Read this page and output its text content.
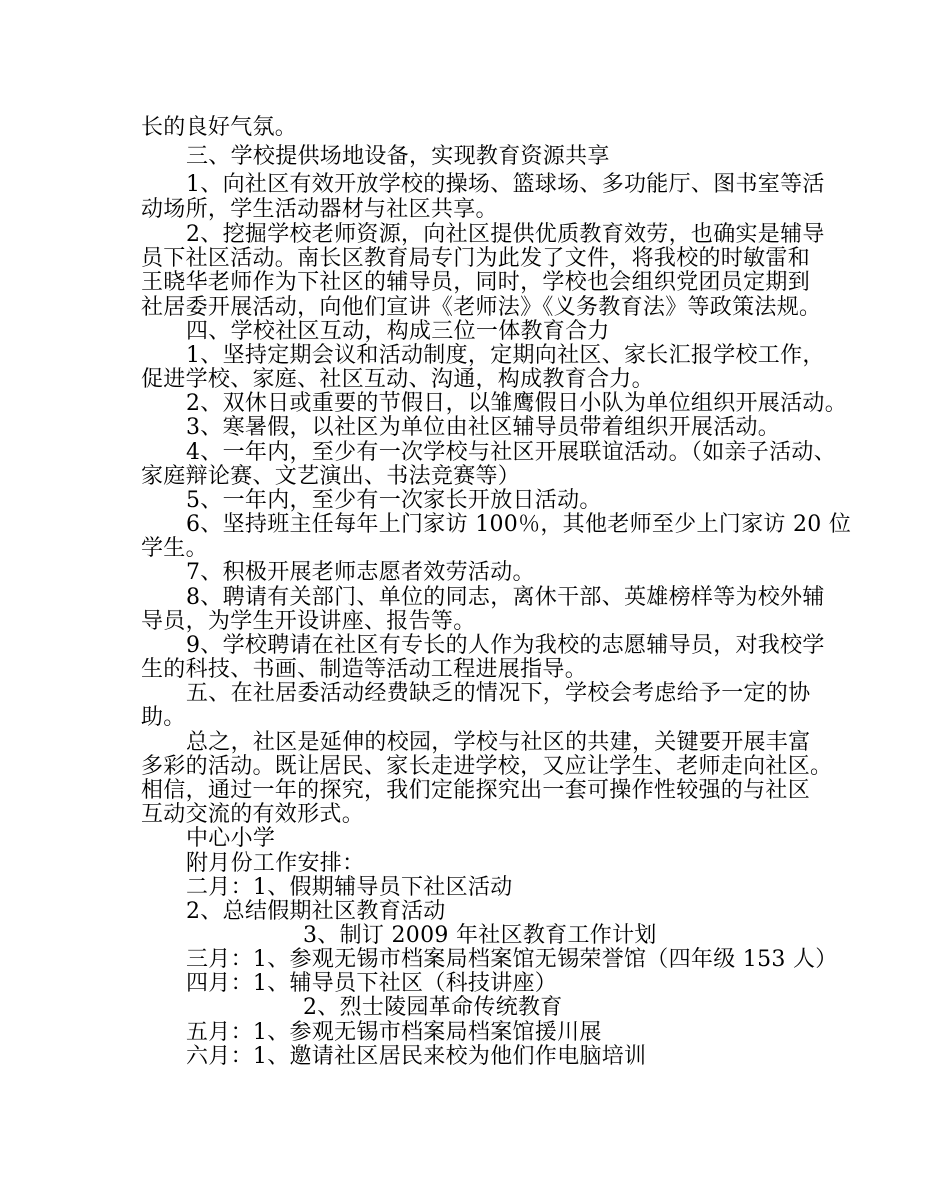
长的良好气氛。
三、学校提供场地设备，实现教育资源共享
1、向社区有效开放学校的操场、篮球场、多功能厅、图书室等活
动场所，学生活动器材与社区共享。
2、挖掘学校老师资源，向社区提供优质教育效劳，也确实是辅导
员下社区活动。南长区教育局专门为此发了文件，将我校的时敏雷和
王晓华老师作为下社区的辅导员，同时，学校也会组织党团员定期到
社居委开展活动，向他们宣讲《老师法》《义务教育法》等政策法规。
四、学校社区互动，构成三位一体教育合力
1、坚持定期会议和活动制度，定期向社区、家长汇报学校工作，
促进学校、家庭、社区互动、沟通，构成教育合力。
2、双休日或重要的节假日，以雏鹰假日小队为单位组织开展活动。
3、寒暑假，以社区为单位由社区辅导员带着组织开展活动。
4、一年内，至少有一次学校与社区开展联谊活动。（如亲子活动、
家庭辩论赛、文艺演出、书法竞赛等）
5、一年内，至少有一次家长开放日活动。
6、坚持班主任每年上门家访 100％，其他老师至少上门家访 20 位
学生。
7、积极开展老师志愿者效劳活动。
8、聘请有关部门、单位的同志，离休干部、英雄榜样等为校外辅
导员，为学生开设讲座、报告等。
9、学校聘请在社区有专长的人作为我校的志愿辅导员，对我校学
生的科技、书画、制造等活动工程进展指导。
五、在社居委活动经费缺乏的情况下，学校会考虑给予一定的协
助。
总之，社区是延伸的校园，学校与社区的共建，关键要开展丰富
多彩的活动。既让居民、家长走进学校，又应让学生、老师走向社区。
相信，通过一年的探究，我们定能探究出一套可操作性较强的与社区
互动交流的有效形式。
中心小学
附月份工作安排：
二月：1、假期辅导员下社区活动
2、总结假期社区教育活动
3、制订 2009 年社区教育工作计划
三月：1、参观无锡市档案局档案馆无锡荣誉馆（四年级 153 人）
四月：1、辅导员下社区（科技讲座）
2、烈士陵园革命传统教育
五月：1、参观无锡市档案局档案馆援川展
六月：1、邀请社区居民来校为他们作电脑培训
